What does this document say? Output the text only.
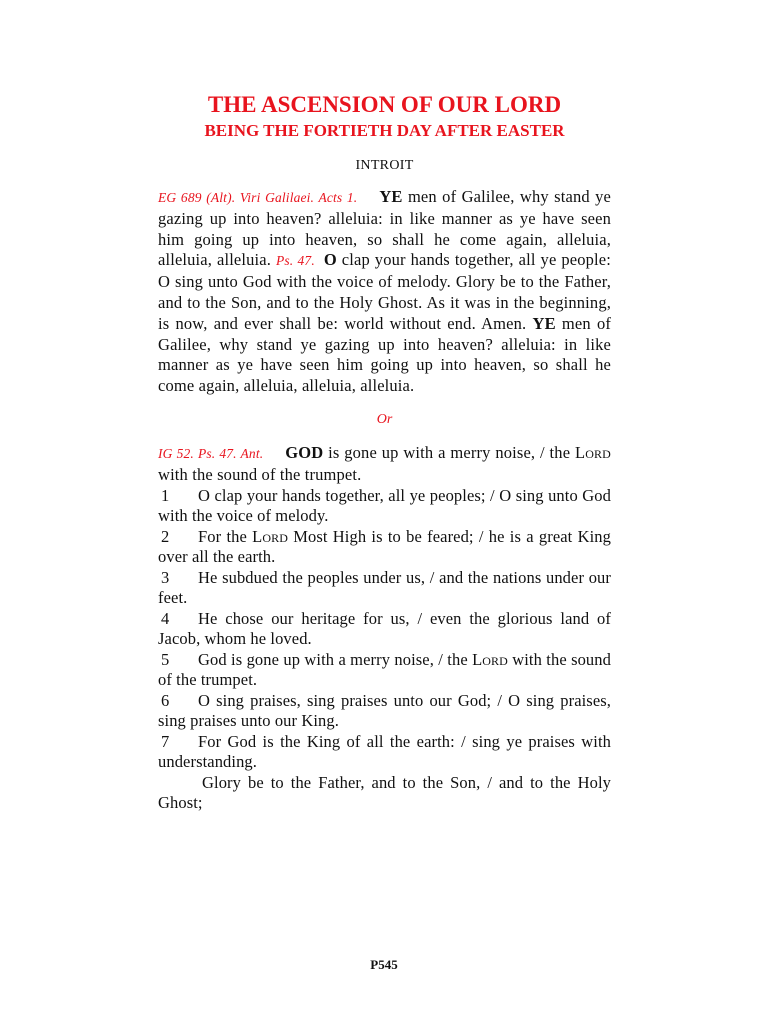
THE ASCENSION OF OUR LORD
BEING THE FORTIETH DAY AFTER EASTER
INTROIT

EG 689 (Alt). Viri Galilaei. Acts 1. YE men of Galilee, why stand ye gazing up into heaven? alleluia: in like manner as ye have seen him going up into heaven, so shall he come again, alleluia, alleluia, alleluia. Ps. 47. O clap your hands together, all ye people: O sing unto God with the voice of melody. Glory be to the Father, and to the Son, and to the Holy Ghost. As it was in the beginning, is now, and ever shall be: world without end. Amen. YE men of Galilee, why stand ye gazing up into heaven? alleluia: in like manner as ye have seen him going up into heaven, so shall he come again, alleluia, alleluia, alleluia.

Or

IG 52. Ps. 47. Ant. GOD is gone up with a merry noise, / the Lord with the sound of the trumpet.

1 O clap your hands together, all ye peoples; / O sing unto God with the voice of melody.

2 For the Lord Most High is to be feared; / he is a great King over all the earth.

3 He subdued the peoples under us, / and the nations under our feet.

4 He chose our heritage for us, / even the glorious land of Jacob, whom he loved.

5 God is gone up with a merry noise, / the Lord with the sound of the trumpet.

6 O sing praises, sing praises unto our God; / O sing praises, sing praises unto our King.

7 For God is the King of all the earth: / sing ye praises with understanding.

Glory be to the Father, and to the Son, / and to the Holy Ghost;

P545
